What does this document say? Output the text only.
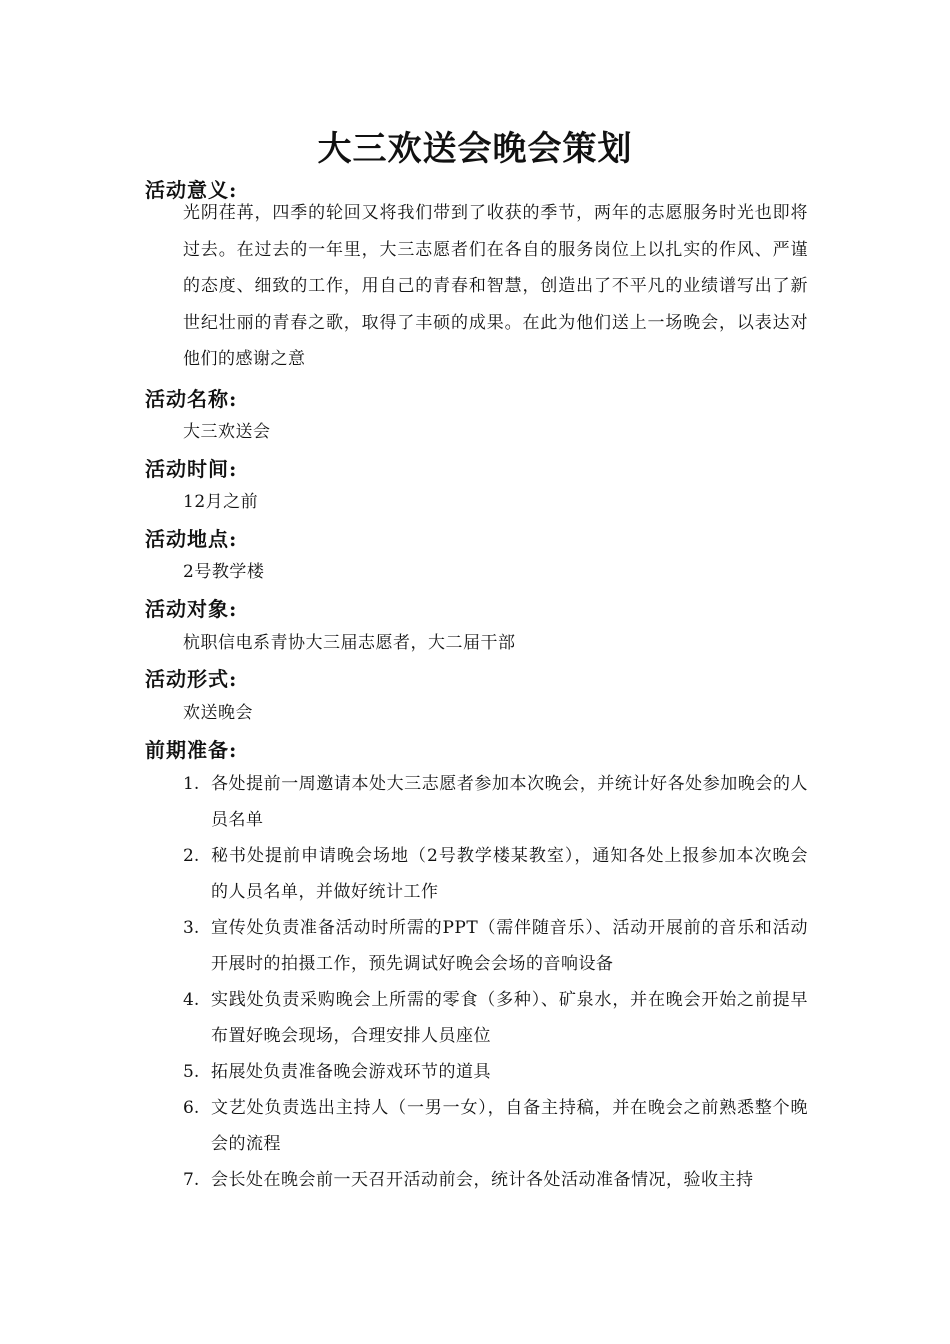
大三欢送会晚会策划
活动意义:
光阴荏苒，四季的轮回又将我们带到了收获的季节，两年的志愿服务时光也即将过去。在过去的一年里，大三志愿者们在各自的服务岗位上以扎实的作风、严谨的态度、细致的工作，用自己的青春和智慧，创造出了不平凡的业绩谱写出了新世纪壮丽的青春之歌，取得了丰硕的成果。在此为他们送上一场晚会，以表达对他们的感谢之意
活动名称:
大三欢送会
活动时间:
12月之前
活动地点:
2号教学楼
活动对象:
杭职信电系青协大三届志愿者，大二届干部
活动形式:
欢送晚会
前期准备:
1. 各处提前一周邀请本处大三志愿者参加本次晚会，并统计好各处参加晚会的人员名单
2. 秘书处提前申请晚会场地（2号教学楼某教室），通知各处上报参加本次晚会的人员名单，并做好统计工作
3. 宣传处负责准备活动时所需的PPT（需伴随音乐）、活动开展前的音乐和活动开展时的拍摄工作，预先调试好晚会会场的音响设备
4. 实践处负责采购晚会上所需的零食（多种）、矿泉水，并在晚会开始之前提早布置好晚会现场，合理安排人员座位
5. 拓展处负责准备晚会游戏环节的道具
6. 文艺处负责选出主持人（一男一女），自备主持稿，并在晚会之前熟悉整个晚会的流程
7. 会长处在晚会前一天召开活动前会，统计各处活动准备情况，验收主持
